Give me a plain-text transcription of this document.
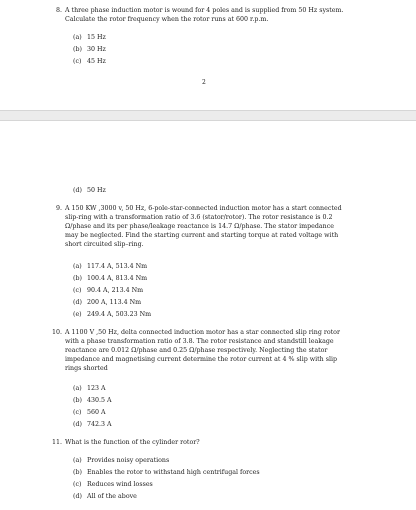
8. A three phase induction motor is wound for 4 poles and is supplied from 50 Hz system.
Calculate the rotor frequency when the rotor runs at 600 r.p.m.
(a) 15 Hz
(b) 30 Hz
(c) 45 Hz
2
(d) 50 Hz
9. A 150 KW ,3000 v, 50 Hz, 6-pole-star-connected induction motor has a start connected
slip-ring with a transformation ratio of 3.6 (stator/rotor). The rotor resistance is 0.2
Ω/phase and its per phase/leakage reactance is 14.7 Ω/phase. The stator impedance
may be neglected. Find the starting current and starting torque at rated voltage with
short circuited slip–ring.
(a) 117.4 A, 513.4 Nm
(b) 100.4 A, 813.4 Nm
(c) 90.4 A, 213.4 Nm
(d) 200 A, 113.4 Nm
(e) 249.4 A, 503.23 Nm
10. A 1100 V ,50 Hz, delta connected induction motor has a star connected slip ring rotor
with a phase transformation ratio of 3.8. The rotor resistance and standstill leakage
reactance are 0.012 Ω/phase and 0.25 Ω/phase respectively. Neglecting the stator
impedance and magnetising current determine the rotor current at 4 % slip with slip
rings shorted
(a) 123 A
(b) 430.5 A
(c) 560 A
(d) 742.3 A
11. What is the function of the cylinder rotor?
(a) Provides noisy operations
(b) Enables the rotor to withstand high centrifugal forces
(c) Reduces wind losses
(d) All of the above
